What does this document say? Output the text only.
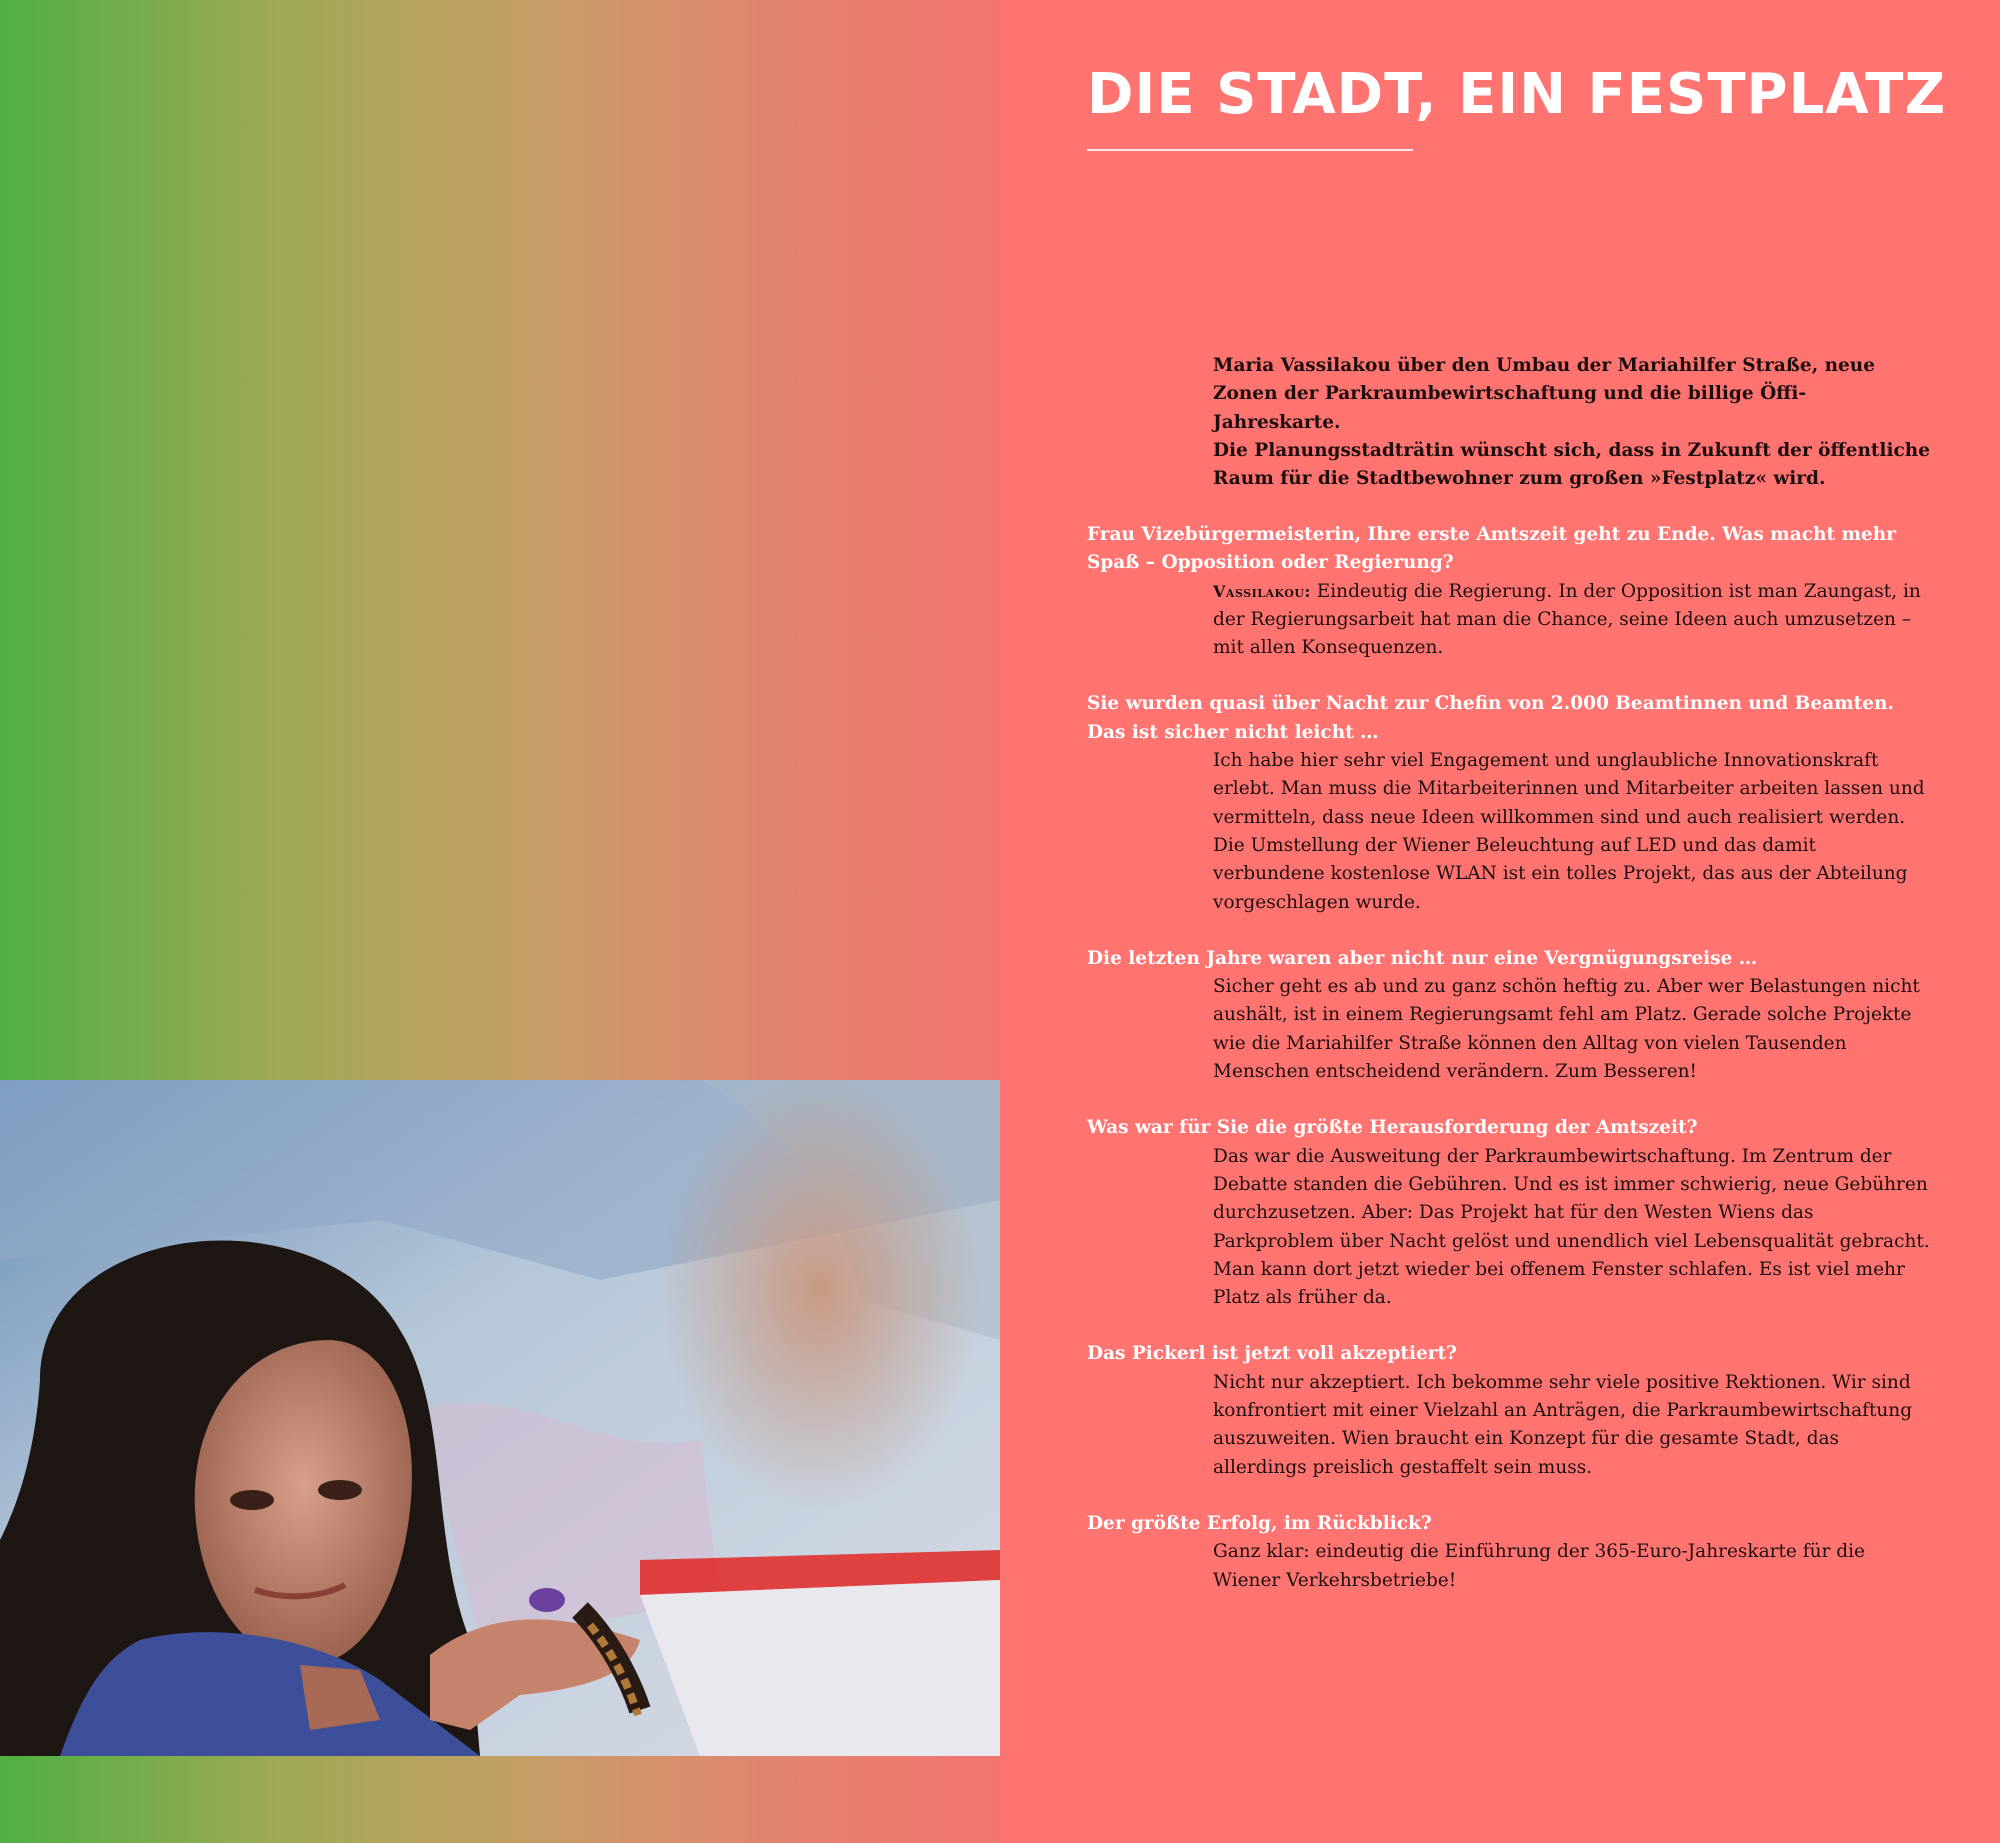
DIE STADT, EIN FESTPLATZ

Maria Vassilakou über den Umbau der Mariahilfer Straße, neue Zonen der Parkraumbewirtschaftung und die billige Öffi-Jahreskarte.

Die Planungsstadträtin wünscht sich, dass in Zukunft der öffentliche Raum für die Stadtbewohner zum großen »Festplatz« wird.

Frau Vizebürgermeisterin, Ihre erste Amtszeit geht zu Ende. Was macht mehr Spaß – Opposition oder Regierung?

Vassilakou: Eindeutig die Regierung. In der Opposition ist man Zaungast, in der Regierungsarbeit hat man die Chance, seine Ideen auch umzusetzen – mit allen Konsequenzen.

Sie wurden quasi über Nacht zur Chefin von 2.000 Beamtinnen und Beamten. Das ist sicher nicht leicht …

Ich habe hier sehr viel Engagement und unglaubliche Innovationskraft erlebt. Man muss die Mitarbeiterinnen und Mitarbeiter arbeiten lassen und vermitteln, dass neue Ideen willkommen sind und auch realisiert werden. Die Umstellung der Wiener Beleuchtung auf LED und das damit verbundene kostenlose WLAN ist ein tolles Projekt, das aus der Abteilung vorgeschlagen wurde.

Die letzten Jahre waren aber nicht nur eine Vergnügungsreise …

Sicher geht es ab und zu ganz schön heftig zu. Aber wer Belastungen nicht aushält, ist in einem Regierungsamt fehl am Platz. Gerade solche Projekte wie die Mariahilfer Straße können den Alltag von vielen Tausenden Menschen entscheidend verändern. Zum Besseren!

Was war für Sie die größte Herausforderung der Amtszeit?

Das war die Ausweitung der Parkraumbewirtschaftung. Im Zentrum der Debatte standen die Gebühren. Und es ist immer schwierig, neue Gebühren durchzusetzen. Aber: Das Projekt hat für den Westen Wiens das Parkproblem über Nacht gelöst und unendlich viel Lebensqualität gebracht. Man kann dort jetzt wieder bei offenem Fenster schlafen. Es ist viel mehr Platz als früher da.

Das Pickerl ist jetzt voll akzeptiert?

Nicht nur akzeptiert. Ich bekomme sehr viele positive Rektionen. Wir sind konfrontiert mit einer Vielzahl an Anträgen, die Parkraumbewirtschaftung auszuweiten. Wien braucht ein Konzept für die gesamte Stadt, das allerdings preislich gestaffelt sein muss.

Der größte Erfolg, im Rückblick?

Ganz klar: eindeutig die Einführung der 365-Euro-Jahreskarte für die Wiener Verkehrsbetriebe!
